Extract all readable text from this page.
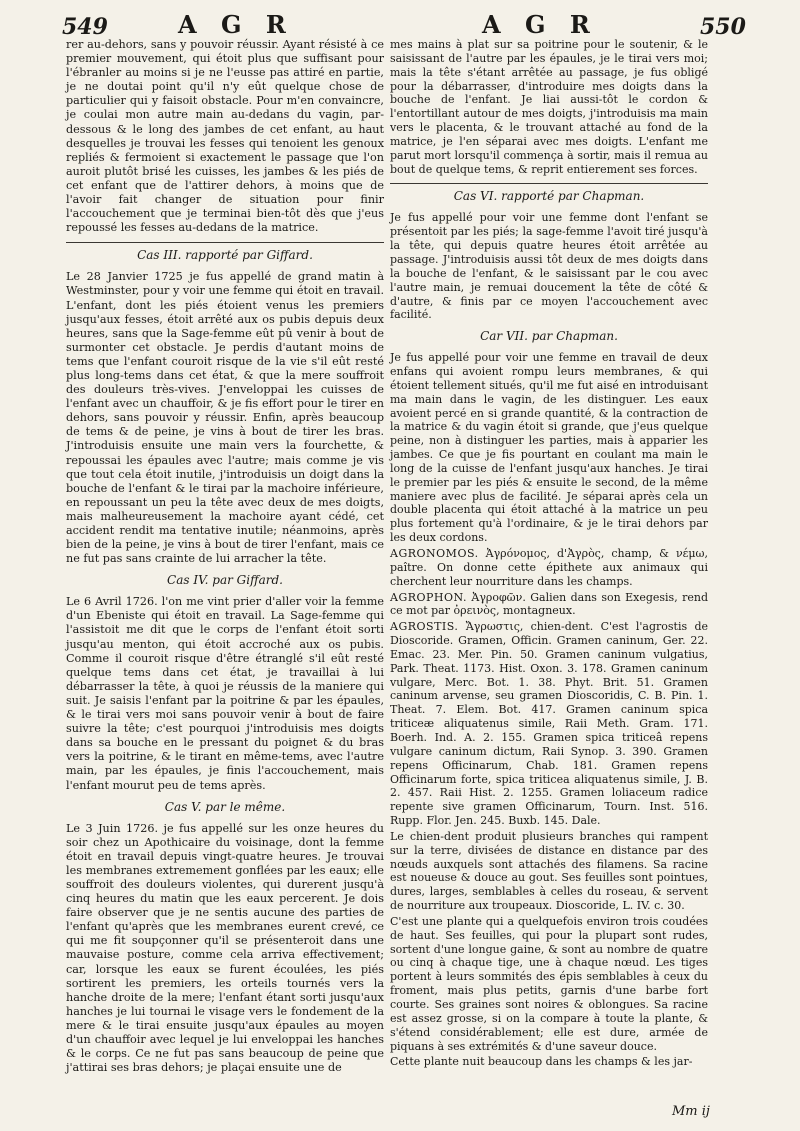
549	A G R	A G R	550

rer au-dehors, sans y pouvoir réussir. Ayant résisté à ce premier mouvement, qui étoit plus que suffisant pour l'ébranler au moins si je ne l'eusse pas attiré en partie, je ne doutai point qu'il n'y eût quelque chose de particulier qui y faisoit obstacle. Pour m'en convaincre, je coulai mon autre main au-dedans du vagin, par-dessous & le long des jambes de cet enfant, au haut desquelles je trouvai les fesses qui tenoient les genoux repliés & fermoient si exactement le passage que l'on auroit plutôt brisé les cuisses, les jambes & les piés de cet enfant que de l'attirer dehors, à moins que de l'avoir fait changer de situation pour finir l'accouchement que je terminai bien-tôt dès que j'eus repoussé les fesses au-dedans de la matrice.

Cas III. rapporté par Giffard.

Le 28 Janvier 1725 je fus appellé de grand matin à Westminster, pour y voir une femme qui étoit en travail. L'enfant, dont les piés étoient venus les premiers jusqu'aux fesses, étoit arrêté aux os pubis depuis deux heures, sans que la Sage-femme eût pû venir à bout de surmonter cet obstacle. Je perdis d'autant moins de tems que l'enfant couroit risque de la vie s'il eût resté plus long-tems dans cet état, & que la mere souffroit des douleurs très-vives. J'enveloppai les cuisses de l'enfant avec un chauffoir, & je fis effort pour le tirer en dehors, sans pouvoir y réussir. Enfin, après beaucoup de tems & de peine, je vins à bout de tirer les bras. J'introduisis ensuite une main vers la fourchette, & repoussai les épaules avec l'autre; mais comme je vis que tout cela étoit inutile, j'introduisis un doigt dans la bouche de l'enfant & le tirai par la machoire inférieure, en repoussant un peu la tête avec deux de mes doigts, mais malheureusement la machoire ayant cédé, cet accident rendit ma tentative inutile; néanmoins, après bien de la peine, je vins à bout de tirer l'enfant, mais ce ne fut pas sans crainte de lui arracher la tête.

Cas IV. par Giffard.

Le 6 Avril 1726. l'on me vint prier d'aller voir la femme d'un Ebeniste qui étoit en travail. La Sage-femme qui l'assistoit me dit que le corps de l'enfant étoit sorti jusqu'au menton, qui étoit accroché aux os pubis. Comme il couroit risque d'être étranglé s'il eût resté quelque tems dans cet état, je travaillai à lui débarrasser la tête, à quoi je réussis de la maniere qui suit. Je saisis l'enfant par la poitrine & par les épaules, & le tirai vers moi sans pouvoir venir à bout de faire suivre la tête; c'est pourquoi j'introduisis mes doigts dans sa bouche en le pressant du poignet & du bras vers la poitrine, & le tirant en même-tems, avec l'autre main, par les épaules, je finis l'accouchement, mais l'enfant mourut peu de tems après.

Cas V. par le même.

Le 3 Juin 1726. je fus appellé sur les onze heures du soir chez un Apothicaire du voisinage, dont la femme étoit en travail depuis vingt-quatre heures. Je trouvai les membranes extremement gonflées par les eaux; elle souffroit des douleurs violentes, qui durerent jusqu'à cinq heures du matin que les eaux percerent. Je dois faire observer que je ne sentis aucune des parties de l'enfant qu'après que les membranes eurent crevé, ce qui me fit soupçonner qu'il se présenteroit dans une mauvaise posture, comme cela arriva effectivement; car, lorsque les eaux se furent écoulées, les piés sortirent les premiers, les orteils tournés vers la hanche droite de la mere; l'enfant étant sorti jusqu'aux hanches je lui tournai le visage vers le fondement de la mere & le tirai ensuite jusqu'aux épaules au moyen d'un chauffoir avec lequel je lui enveloppai les hanches & le corps. Ce ne fut pas sans beaucoup de peine que j'attirai ses bras dehors; je plaçai ensuite une de

mes mains à plat sur sa poitrine pour le soutenir, & le saisissant de l'autre par les épaules, je le tirai vers moi; mais la tête s'étant arrêtée au passage, je fus obligé pour la débarrasser, d'introduire mes doigts dans la bouche de l'enfant. Je liai aussi-tôt le cordon & l'entortillant autour de mes doigts, j'introduisis ma main vers le placenta, & le trouvant attaché au fond de la matrice, je l'en séparai avec mes doigts. L'enfant me parut mort lorsqu'il commença à sortir, mais il remua au bout de quelque tems, & reprit entierement ses forces.

Cas VI. rapporté par Chapman.

Je fus appellé pour voir une femme dont l'enfant se présentoit par les piés; la sage-femme l'avoit tiré jusqu'à la tête, qui depuis quatre heures étoit arrêtée au passage. J'introduisis aussi tôt deux de mes doigts dans la bouche de l'enfant, & le saisissant par le cou avec l'autre main, je remuai doucement la tête de côté & d'autre, & finis par ce moyen l'accouchement avec facilité.

Car VII. par Chapman.

Je fus appellé pour voir une femme en travail de deux enfans qui avoient rompu leurs membranes, & qui étoient tellement situés, qu'il me fut aisé en introduisant ma main dans le vagin, de les distinguer. Les eaux avoient percé en si grande quantité, & la contraction de la matrice & du vagin étoit si grande, que j'eus quelque peine, non à distinguer les parties, mais à apparier les jambes. Ce que je fis pourtant en coulant ma main le long de la cuisse de l'enfant jusqu'aux hanches. Je tirai le premier par les piés & ensuite le second, de la même maniere avec plus de facilité. Je séparai après cela un double placenta qui étoit attaché à la matrice un peu plus fortement qu'à l'ordinaire, & je le tirai dehors par les deux cordons.

AGRONOMOS. Ἀγρόνομος, d'Ἀγρὸς, champ, & νέμω, paître. On donne cette épithete aux animaux qui cherchent leur nourriture dans les champs.

AGROPHON. Ἀγροφῶν. Galien dans son Exegesis, rend ce mot par ὀρεινὸς, montagneux.

AGROSTIS. Ἄγρωστις, chien-dent. C'est l'agrostis de Dioscoride. Gramen, Officin. Gramen caninum, Ger. 22. Emac. 23. Mer. Pin. 50. Gramen caninum vulgatius, Park. Theat. 1173. Hist. Oxon. 3. 178. Gramen caninum vulgare, Merc. Bot. 1. 38. Phyt. Brit. 51. Gramen caninum arvense, seu gramen Dioscoridis, C. B. Pin. 1. Theat. 7. Elem. Bot. 417. Gramen caninum spica triticeæ aliquatenus simile, Raii Meth. Gram. 171. Boerh. Ind. A. 2. 155. Gramen spica triticeâ repens vulgare caninum dictum, Raii Synop. 3. 390. Gramen repens Officinarum, Chab. 181. Gramen repens Officinarum forte, spica triticea aliquatenus simile, J. B. 2. 457. Raii Hist. 2. 1255. Gramen loliaceum radice repente sive gramen Officinarum, Tourn. Inst. 516. Rupp. Flor. Jen. 245. Buxb. 145. Dale.

Le chien-dent produit plusieurs branches qui rampent sur la terre, divisées de distance en distance par des nœuds auxquels sont attachés des filamens. Sa racine est noueuse & douce au gout. Ses feuilles sont pointues, dures, larges, semblables à celles du roseau, & servent de nourriture aux troupeaux. Dioscoride, L. IV. c. 30.

C'est une plante qui a quelquefois environ trois coudées de haut. Ses feuilles, qui pour la plupart sont rudes, sortent d'une longue gaine, & sont au nombre de quatre ou cinq à chaque tige, une à chaque nœud. Les tiges portent à leurs sommités des épis semblables à ceux du froment, mais plus petits, garnis d'une barbe fort courte. Ses graines sont noires & oblongues. Sa racine est assez grosse, si on la compare à toute la plante, & s'étend considérablement; elle est dure, armée de piquans à ses extrémités & d'une saveur douce.

Cette plante nuit beaucoup dans les champs & les jar-

Mm ij
